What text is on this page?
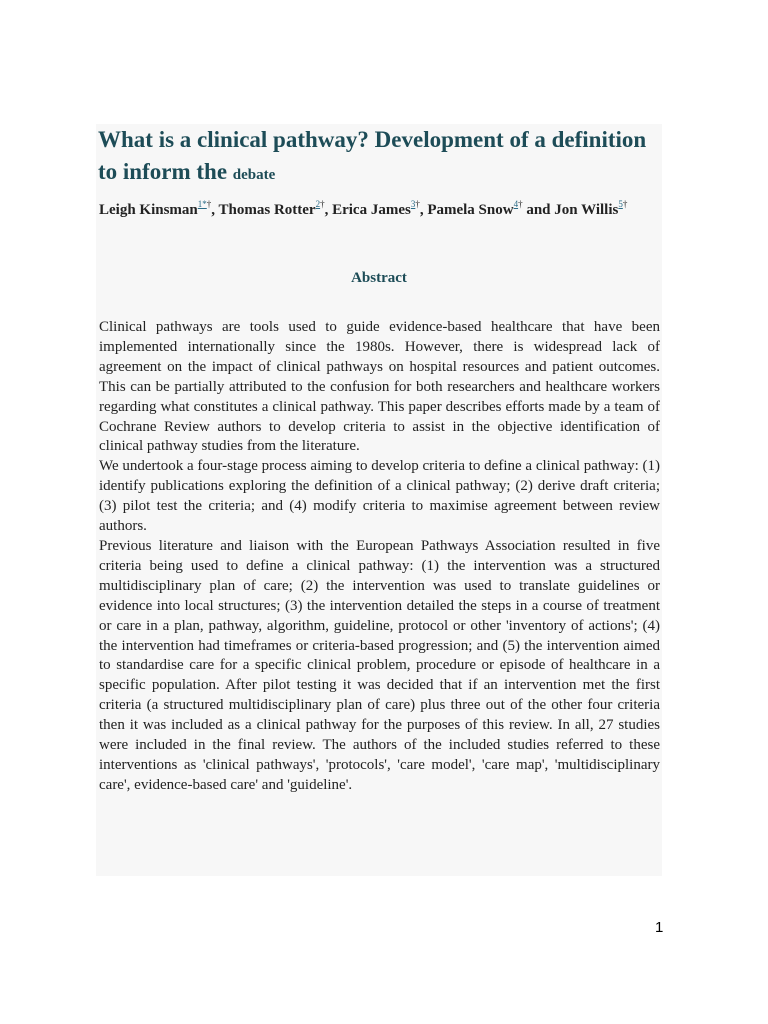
What is a clinical pathway? Development of a definition to inform the debate

Leigh Kinsman$^{1*\dagger}$, Thomas Rotter$^{2\dagger}$, Erica James$^{3\dagger}$, Pamela Snow$^{4\dagger}$ and Jon Willis$^{5\dagger}$

Abstract

Clinical pathways are tools used to guide evidence-based healthcare that have been implemented internationally since the 1980s. However, there is widespread lack of agreement on the impact of clinical pathways on hospital resources and patient outcomes. This can be partially attributed to the confusion for both researchers and healthcare workers regarding what constitutes a clinical pathway. This paper describes efforts made by a team of Cochrane Review authors to develop criteria to assist in the objective identification of clinical pathway studies from the literature.

We undertook a four-stage process aiming to develop criteria to define a clinical pathway: (1) identify publications exploring the definition of a clinical pathway; (2) derive draft criteria; (3) pilot test the criteria; and (4) modify criteria to maximise agreement between review authors.

Previous literature and liaison with the European Pathways Association resulted in five criteria being used to define a clinical pathway: (1) the intervention was a structured multidisciplinary plan of care; (2) the intervention was used to translate guidelines or evidence into local structures; (3) the intervention detailed the steps in a course of treatment or care in a plan, pathway, algorithm, guideline, protocol or other 'inventory of actions'; (4) the intervention had timeframes or criteria-based progression; and (5) the intervention aimed to standardise care for a specific clinical problem, procedure or episode of healthcare in a specific population. After pilot testing it was decided that if an intervention met the first criteria (a structured multidisciplinary plan of care) plus three out of the other four criteria then it was included as a clinical pathway for the purposes of this review. In all, 27 studies were included in the final review. The authors of the included studies referred to these interventions as 'clinical pathways', 'protocols', 'care model', 'care map', 'multidisciplinary care', evidence-based care' and 'guideline'.

1
